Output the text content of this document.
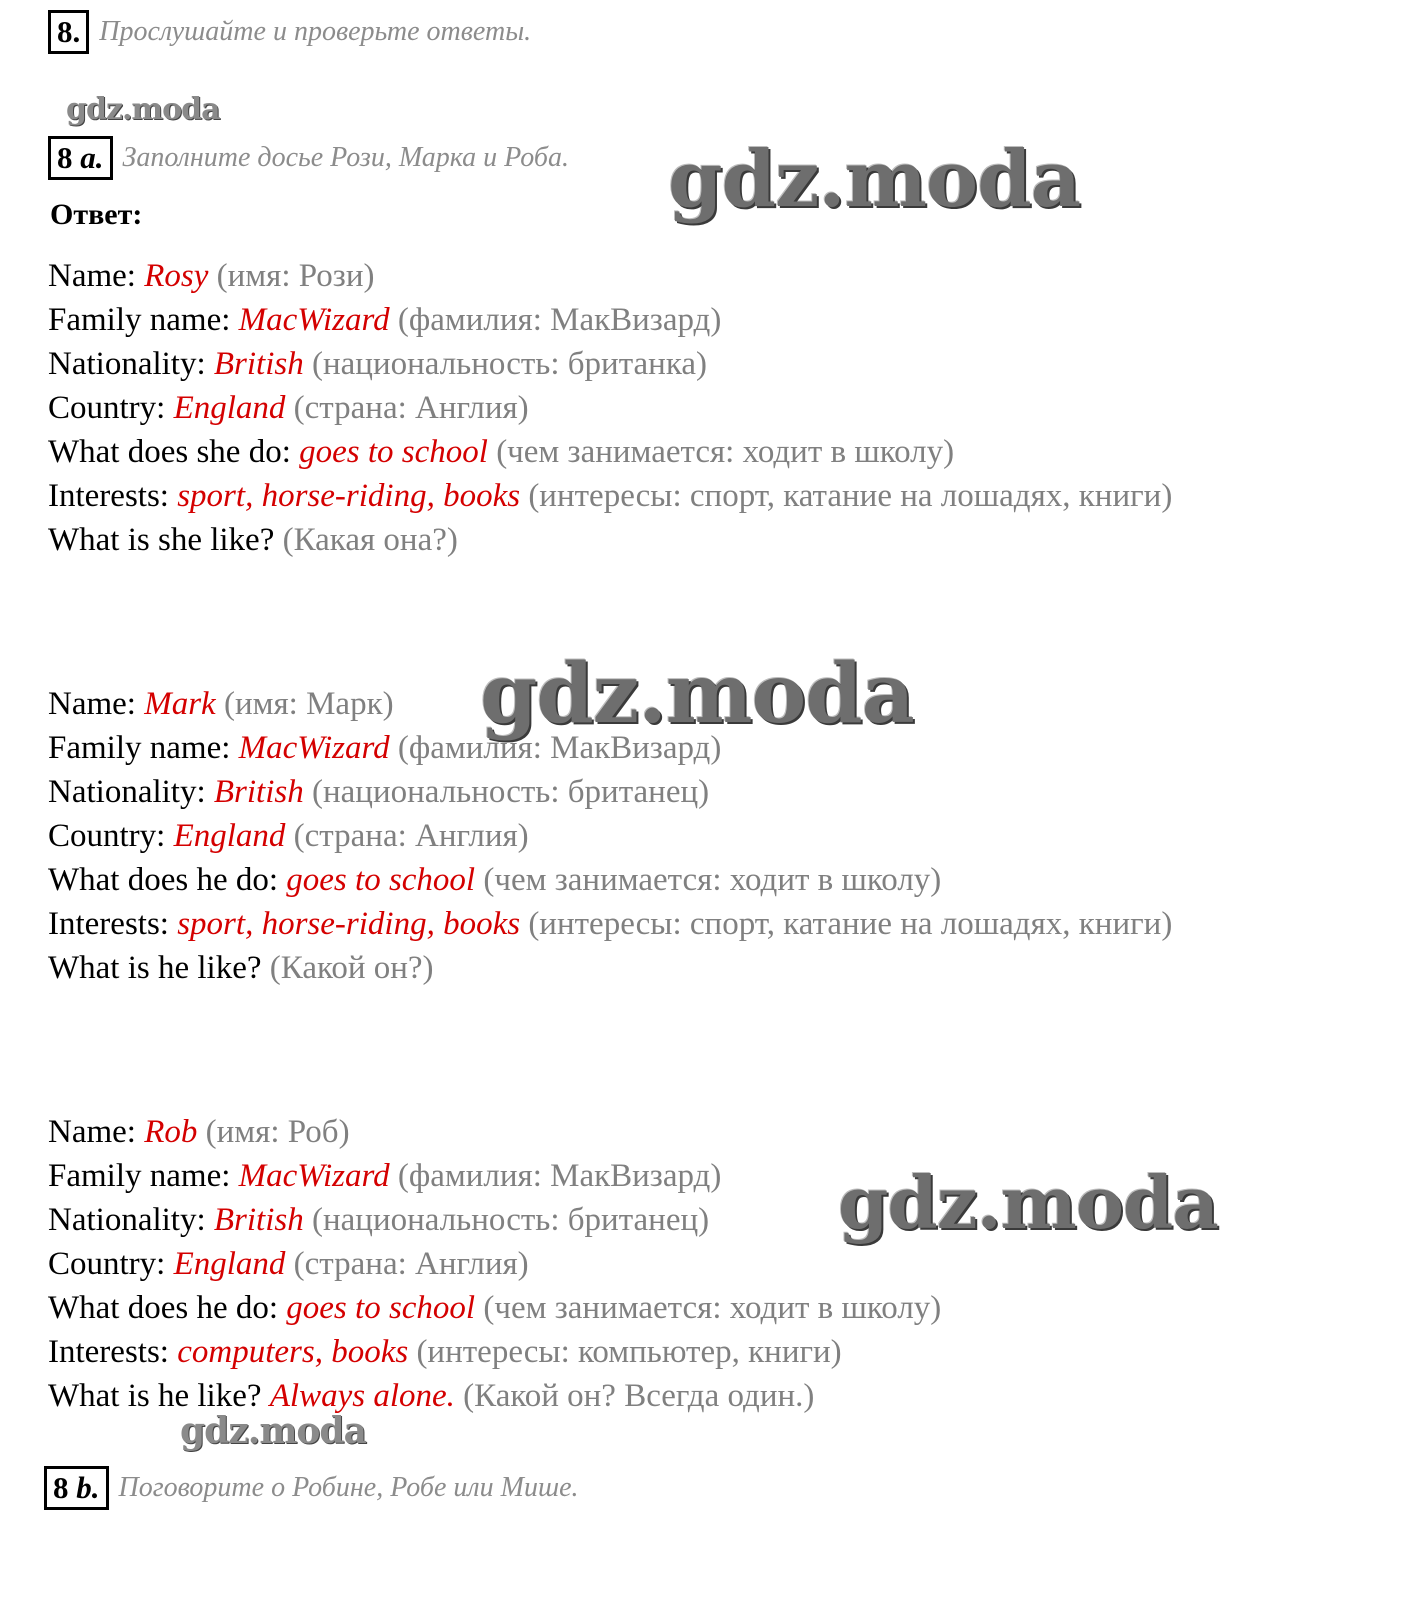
8. Прослушайте и проверьте ответы.
gdz.moda
8 a. Заполните досье Рози, Марка и Роба. gdz.moda
Ответ:
Name: Rosy (имя: Рози)
Family name: MacWizard (фамилия: МакВизард)
Nationality: British (национальность: британка)
Country: England (страна: Англия)
What does she do: goes to school (чем занимается: ходит в школу)
Interests: sport, horse-riding, books (интересы: спорт, катание на лошадях, книги)
What is she like? (Какая она?)
Name: Mark (имя: Марк)
Family name: MacWizard (фамилия: МакВизард)
Nationality: British (национальность: британец)
Country: England (страна: Англия)
What does he do: goes to school (чем занимается: ходит в школу)
Interests: sport, horse-riding, books (интересы: спорт, катание на лошадях, книги)
What is he like? (Какой он?)
gdz.moda
Name: Rob (имя: Роб)
Family name: MacWizard (фамилия: МакВизард)
Nationality: British (национальность: британец)
Country: England (страна: Англия)
What does he do: goes to school (чем занимается: ходит в школу)
Interests: computers, books (интересы: компьютер, книги)
What is he like? Always alone. (Какой он? Всегда один.)
gdz.moda
gdz.moda
8 b. Поговорите о Робине, Робе или Мише.
